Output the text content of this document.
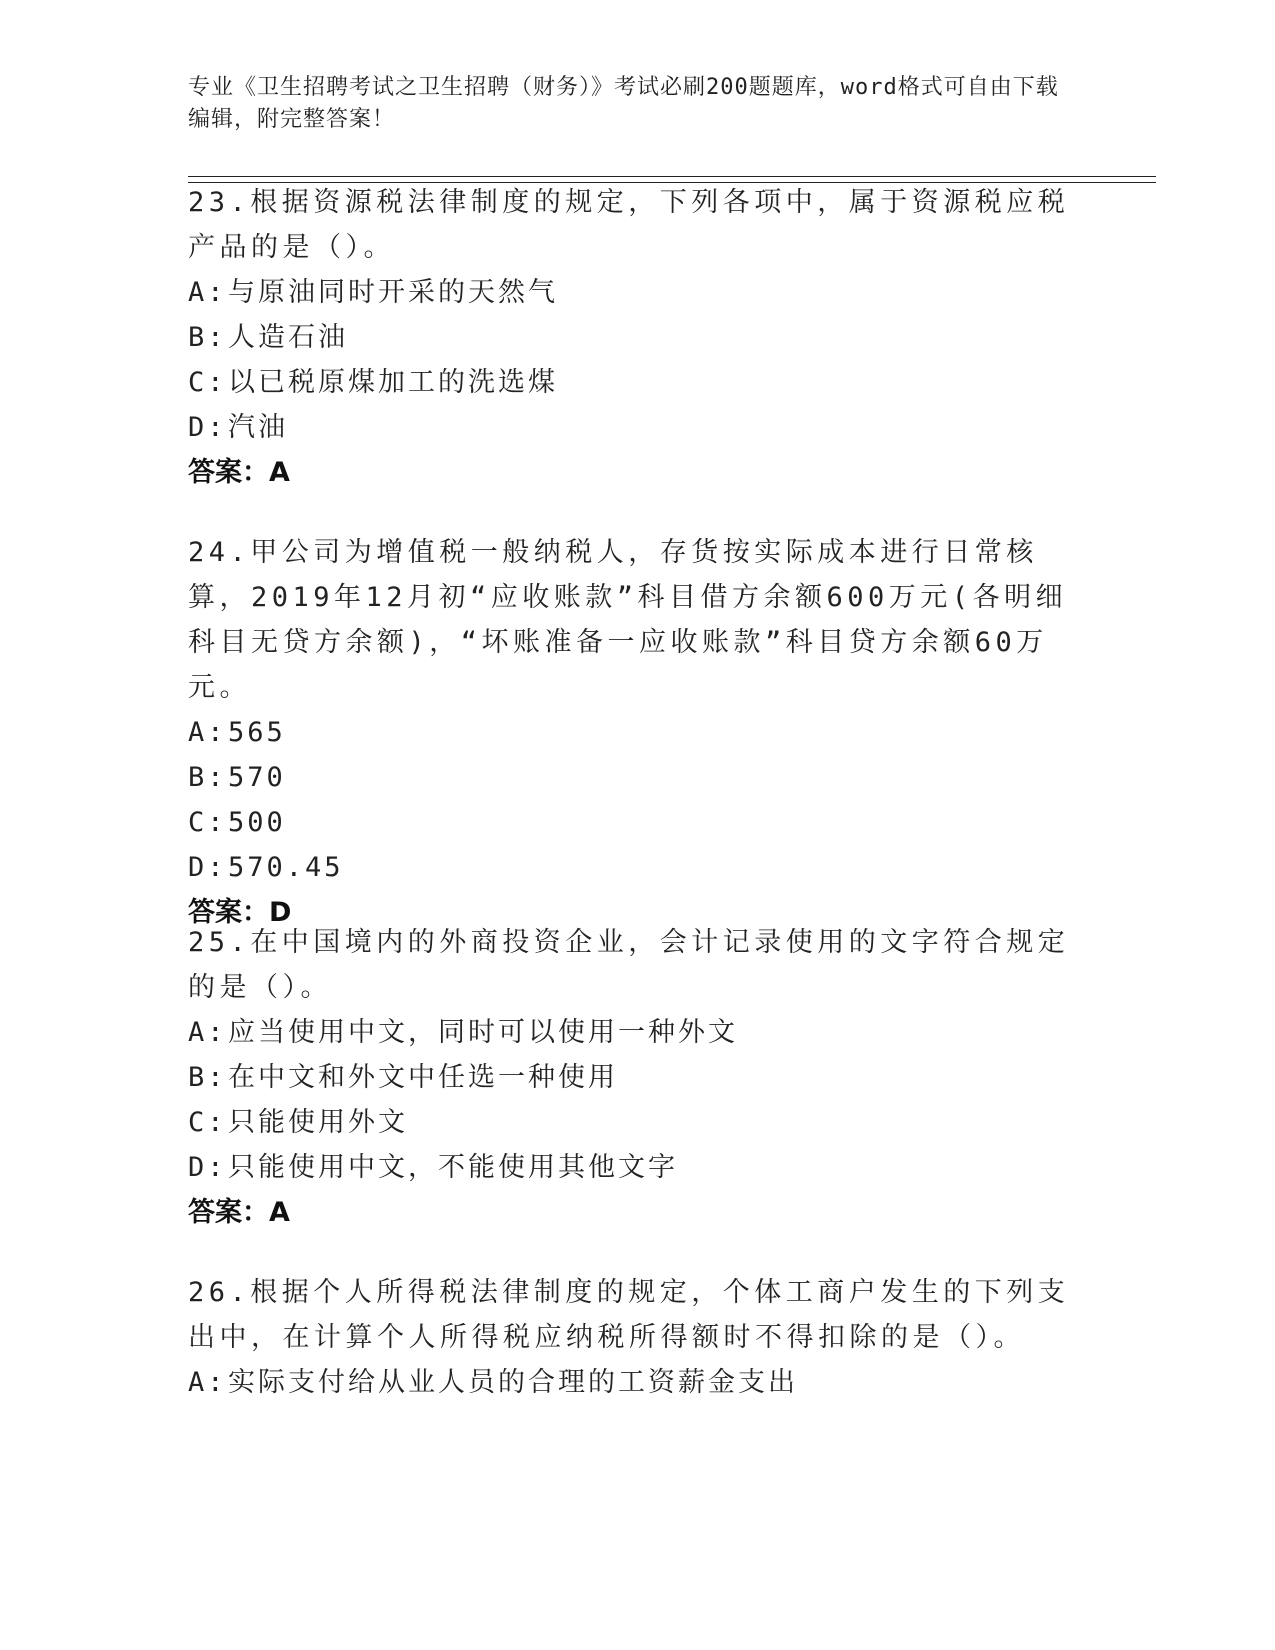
专业《卫生招聘考试之卫生招聘（财务）》考试必刷200题题库，word格式可自由下载编辑，附完整答案！

23.根据资源税法律制度的规定，下列各项中，属于资源税应税产品的是（）。

A:与原油同时开采的天然气

B:人造石油

C:以已税原煤加工的洗选煤

D:汽油

答案：A

24.甲公司为增值税一般纳税人，存货按实际成本进行日常核算，2019年12月初“应收账款”科目借方余额600万元(各明细科目无贷方余额)，“坏账准备一应收账款”科目贷方余额60万元。

A:565

B:570

C:500

D:570.45

答案：D

25.在中国境内的外商投资企业，会计记录使用的文字符合规定的是（）。

A:应当使用中文，同时可以使用一种外文

B:在中文和外文中任选一种使用

C:只能使用外文

D:只能使用中文，不能使用其他文字

答案：A

26.根据个人所得税法律制度的规定，个体工商户发生的下列支出中，在计算个人所得税应纳税所得额时不得扣除的是（）。

A:实际支付给从业人员的合理的工资薪金支出
